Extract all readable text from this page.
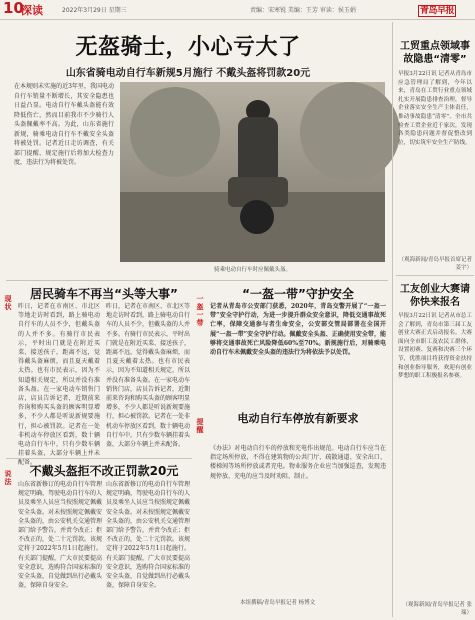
10
深读	2022年3月29日 星期三	责编：宋寒锐 美编：王芳 审读：侯玉娟	青岛早报
无盔骑士，小心亏大了
山东省骑电动自行车新规5月施行 不戴头盔将罚款20元
在本规则未实施的近3年里，我国电动自行车销量不断增长，其安全隐患也日益凸显。电动自行车戴头盔能有效降低伤亡，然而目前我市不少骑行人头盔佩戴率不高。为此，山东省施行新规，骑乘电动自行车不戴安全头盔将被处罚。记者近日走访调查，有关部门提醒，规定施行后将加大检查力度，违法行为将被处罚。
骑乘电动自行车时应佩戴头盔。
现状
居民骑车不再当“头等大事”
昨日，记者在市南区、市北区等地走访时看到，路上骑电动自行车的人员不少，但戴头盔的人并不多。有骑行市民表示，平时出门就是在附近买菜、接送孩子，距离不远，觉得戴头盔麻烦，而且夏天戴着太热。也有市民表示，因为不知道相关规定，所以并没有准备头盔。在一家电动车销售门店，店员告诉记者，近期前来咨询和购买头盔的顾客明显增多，不少人都是听说新规要施行，担心被罚款。记者在一处非机动车停放区看到，数十辆电动自行车中，只有少数车辆挂着头盔，大部分车辆上并未配备。
昨日，记者在市南区、市北区等地走访时看到，路上骑电动自行车的人员不少，但戴头盔的人并不多。有骑行市民表示，平时出门就是在附近买菜、接送孩子，距离不远，觉得戴头盔麻烦，而且夏天戴着太热。也有市民表示，因为不知道相关规定，所以并没有准备头盔。在一家电动车销售门店，店员告诉记者，近期前来咨询和购买头盔的顾客明显增多，不少人都是听说新规要施行，担心被罚款。记者在一处非机动车停放区看到，数十辆电动自行车中，只有少数车辆挂着头盔，大部分车辆上并未配备。
一盔一带
“一盔一带”守护安全
记者从青岛市公安部门获悉，2020年，青岛交警开展了“一盔一带”安全守护行动，为进一步提升群众安全意识，降低交通事故死亡率，保障交通参与者生命安全，公安部交管局部署在全国开展“一盔一带”安全守护行动。佩戴安全头盔、正确使用安全带，能够将交通事故死亡风险降低60%至70%。新规施行后，对骑乘电动自行车未佩戴安全头盔的违法行为将依法予以处罚。
提醒	电动自行车停放有新要求
《办法》对电动自行车的停放和充电作出规范。电动自行车应当在指定场所停放，不得在建筑物的公共门厅、疏散通道、安全出口、楼梯间等场所停放或者充电。物业服务企业应当加强巡查，发现违规停放、充电的应当及时劝阻、制止。
说法	不戴头盔拒不改正罚款20元
山东省新修订的电动自行车管理规定明确，驾驶电动自行车的人员及乘坐人员应当按照规定佩戴安全头盔。对未按照规定佩戴安全头盔的，由公安机关交通管理部门给予警告，并责令改正；拒不改正的，处二十元罚款。该规定将于2022年5月1日起施行。有关部门提醒，广大市民要提高安全意识，选购符合国家标准的安全头盔，自觉做到出行必戴头盔，保障自身安全。
山东省新修订的电动自行车管理规定明确，驾驶电动自行车的人员及乘坐人员应当按照规定佩戴安全头盔。对未按照规定佩戴安全头盔的，由公安机关交通管理部门给予警告，并责令改正；拒不改正的，处二十元罚款。该规定将于2022年5月1日起施行。有关部门提醒，广大市民要提高安全意识，选购符合国家标准的安全头盔，自觉做到出行必戴头盔，保障自身安全。
本组撰稿/青岛早报记者 杨博文
工贸重点领域事故隐患“清零”
早报3月22日讯 记者从青岛市应急管理局了解到，今年以来，青岛在工贸行业重点领域扎实开展隐患排查治理，督导企业落实安全生产主体责任，推动事故隐患“清零”。全市共检查工贸企业近千家次，发现各类隐患问题并督促整改到位，切实筑牢安全生产防线。
（观海新闻/青岛早报首席记者 姜宇）
工友创业大赛请你快来报名
早报3月22日讯 记者从市总工会了解到，青岛市第三届工友创业大赛正式启动报名。大赛面向全市职工及农民工群体，设置初赛、复赛和决赛三个环节，优胜项目将获得资金扶持和创业指导服务，欢迎有创业梦想的职工积极报名参赛。
（观海新闻/青岛早报记者 张瑞）
